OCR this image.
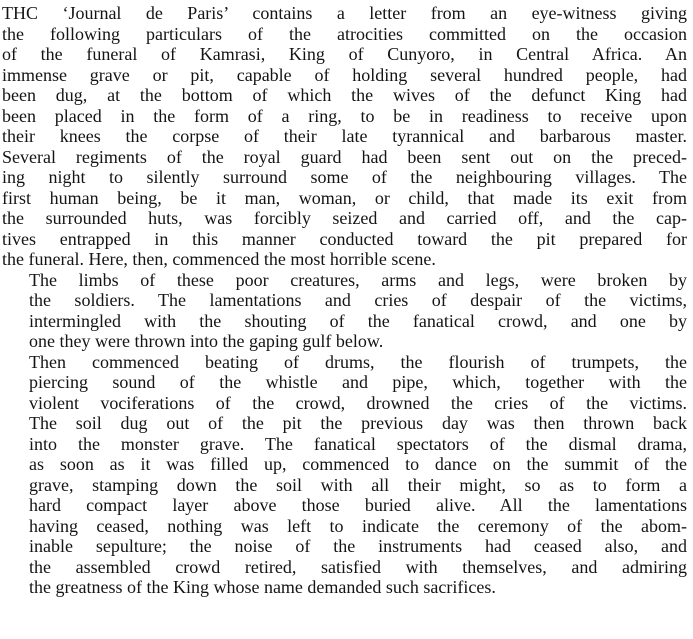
THC ‘Journal de Paris’ contains a letter from an eye-witness giving
the following particulars of the atrocities committed on the occasion
of the funeral of Kamrasi, King of Cunyoro, in Central Africa. An
immense grave or pit, capable of holding several hundred people, had
been dug, at the bottom of which the wives of the defunct King had
been placed in the form of a ring, to be in readiness to receive upon
their knees the corpse of their late tyrannical and barbarous master.
Several regiments of the royal guard had been sent out on the preced-
ing night to silently surround some of the neighbouring villages. The
first human being, be it man, woman, or child, that made its exit from
the surrounded huts, was forcibly seized and carried off, and the cap-
tives entrapped in this manner conducted toward the pit prepared for
the funeral. Here, then, commenced the most horrible scene.

The limbs of these poor creatures, arms and legs, were broken by
the soldiers. The lamentations and cries of despair of the victims,
intermingled with the shouting of the fanatical crowd, and one by
one they were thrown into the gaping gulf below.

Then commenced beating of drums, the flourish of trumpets, the
piercing sound of the whistle and pipe, which, together with the
violent vociferations of the crowd, drowned the cries of the victims.
The soil dug out of the pit the previous day was then thrown back
into the monster grave. The fanatical spectators of the dismal drama,
as soon as it was filled up, commenced to dance on the summit of the
grave, stamping down the soil with all their might, so as to form a
hard compact layer above those buried alive. All the lamentations
having ceased, nothing was left to indicate the ceremony of the abom-
inable sepulture; the noise of the instruments had ceased also, and
the assembled crowd retired, satisfied with themselves, and admiring
the greatness of the King whose name demanded such sacrifices.
